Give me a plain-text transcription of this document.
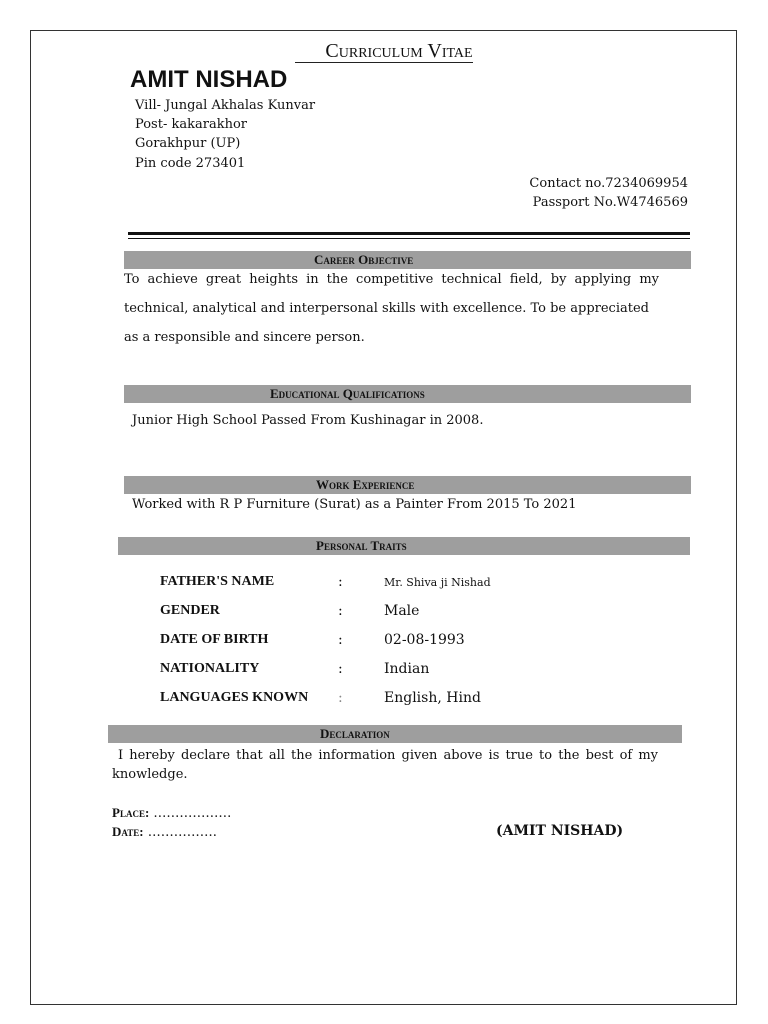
Curriculum Vitae
AMIT NISHAD
Vill- Jungal Akhalas Kunvar
Post- kakarakhor
Gorakhpur (UP)
Pin code 273401
Contact no.7234069954
Passport No.W4746569
Career Objective
To achieve great heights in the competitive technical field, by applying my
technical, analytical and interpersonal skills with excellence. To be appreciated
as a responsible and sincere person.
Educational Qualifications
Junior High School Passed From Kushinagar in 2008.
Work Experience
Worked with R P Furniture (Surat) as a Painter From 2015 To 2021
Personal Traits
FATHER'S NAME	:	Mr. Shiva ji Nishad
GENDER	:	Male
DATE OF BIRTH	:	02-08-1993
NATIONALITY	:	Indian
LANGUAGES KNOWN :	English, Hind
Declaration
I hereby declare that all the information given above is true to the best of my
knowledge.
Place: ………………
Date: …………….	(AMIT NISHAD)
